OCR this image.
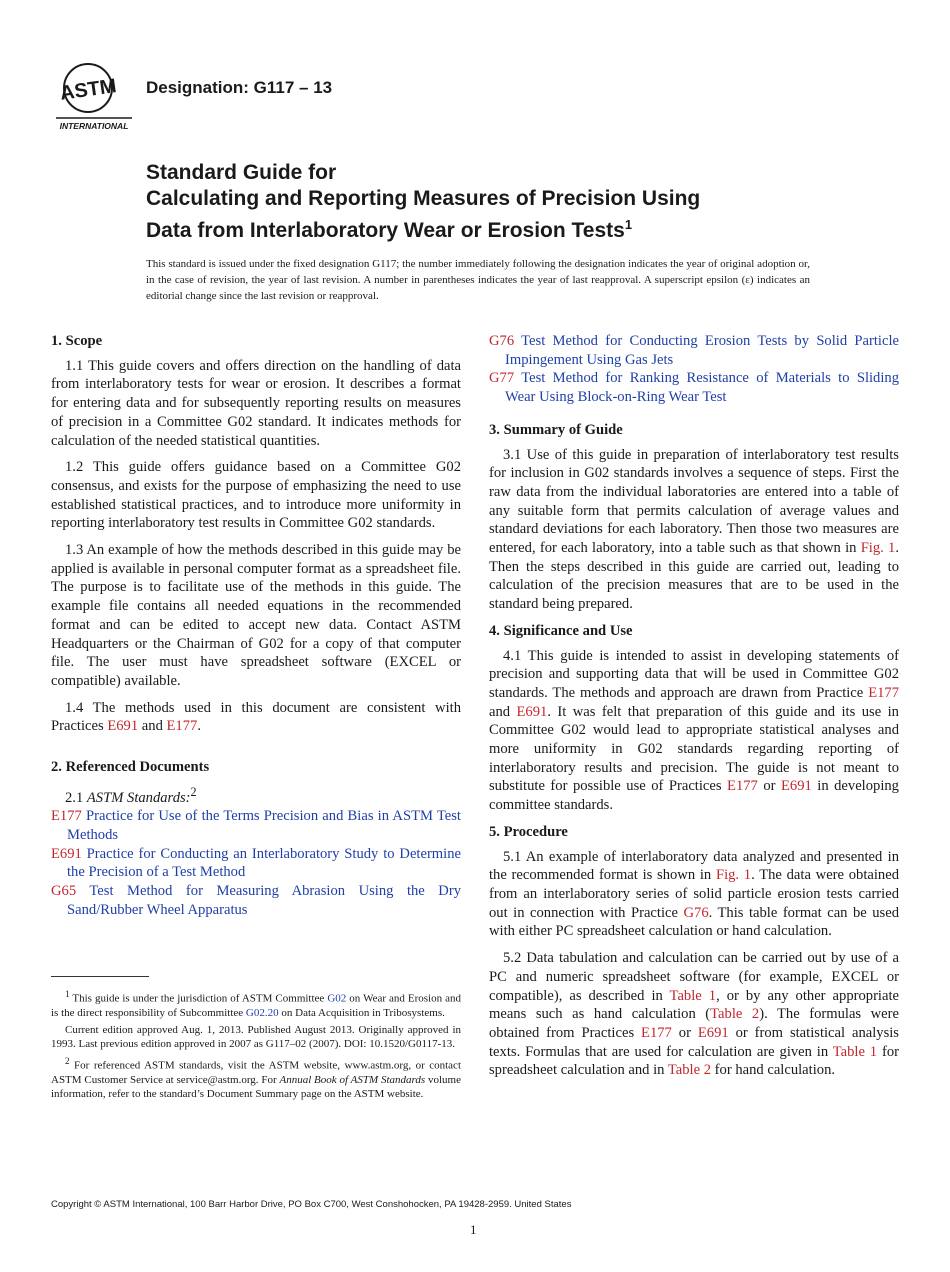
ASTM
INTERNATIONAL
Designation: G117 – 13
Standard Guide for
Calculating and Reporting Measures of Precision Using
Data from Interlaboratory Wear or Erosion Tests$^1$
This standard is issued under the fixed designation G117; the number immediately following the designation indicates the year of original adoption or, in the case of revision, the year of last revision. A number in parentheses indicates the year of last reapproval. A superscript epsilon (ε) indicates an editorial change since the last revision or reapproval.
1. Scope

1.1 This guide covers and offers direction on the handling of data from interlaboratory tests for wear or erosion. It describes a format for entering data and for subsequently reporting results on measures of precision in a Committee G02 standard. It indicates methods for calculation of the needed statistical quantities.

1.2 This guide offers guidance based on a Committee G02 consensus, and exists for the purpose of emphasizing the need to use established statistical practices, and to introduce more uniformity in reporting interlaboratory test results in Committee G02 standards.

1.3 An example of how the methods described in this guide may be applied is available in personal computer format as a spreadsheet file. The purpose is to facilitate use of the methods in this guide. The example file contains all needed equations in the recommended format and can be edited to accept new data. Contact ASTM Headquarters or the Chairman of G02 for a copy of that computer file. The user must have spreadsheet software (EXCEL or compatible) available.

1.4 The methods used in this document are consistent with Practices E691 and E177.

2. Referenced Documents

2.1 ASTM Standards:$^2$

E177 Practice for Use of the Terms Precision and Bias in ASTM Test Methods

E691 Practice for Conducting an Interlaboratory Study to Determine the Precision of a Test Method

G65 Test Method for Measuring Abrasion Using the Dry Sand/Rubber Wheel Apparatus

$^1$ This guide is under the jurisdiction of ASTM Committee G02 on Wear and Erosion and is the direct responsibility of Subcommittee G02.20 on Data Acquisition in Tribosystems.

Current edition approved Aug. 1, 2013. Published August 2013. Originally approved in 1993. Last previous edition approved in 2007 as G117–02 (2007). DOI: 10.1520/G0117-13.

$^2$ For referenced ASTM standards, visit the ASTM website, www.astm.org, or contact ASTM Customer Service at service@astm.org. For Annual Book of ASTM Standards volume information, refer to the standard’s Document Summary page on the ASTM website.

G76 Test Method for Conducting Erosion Tests by Solid Particle Impingement Using Gas Jets

G77 Test Method for Ranking Resistance of Materials to Sliding Wear Using Block-on-Ring Wear Test

3. Summary of Guide

3.1 Use of this guide in preparation of interlaboratory test results for inclusion in G02 standards involves a sequence of steps. First the raw data from the individual laboratories are entered into a table of any suitable form that permits calculation of average values and standard deviations for each laboratory. Then those two measures are entered, for each laboratory, into a table such as that shown in Fig. 1. Then the steps described in this guide are carried out, leading to calculation of the precision measures that are to be used in the standard being prepared.

4. Significance and Use

4.1 This guide is intended to assist in developing statements of precision and supporting data that will be used in Committee G02 standards. The methods and approach are drawn from Practice E177 and E691. It was felt that preparation of this guide and its use in Committee G02 would lead to appropriate statistical analyses and more uniformity in G02 standards regarding reporting of interlaboratory results and precision. The guide is not meant to substitute for possible use of Practices E177 or E691 in developing committee standards.

5. Procedure

5.1 An example of interlaboratory data analyzed and presented in the recommended format is shown in Fig. 1. The data were obtained from an interlaboratory series of solid particle erosion tests carried out in connection with Practice G76. This table format can be used with either PC spreadsheet calculation or hand calculation.

5.2 Data tabulation and calculation can be carried out by use of a PC and numeric spreadsheet software (for example, EXCEL or compatible), as described in Table 1, or by any other appropriate means such as hand calculation (Table 2). The formulas were obtained from Practices E177 or E691 or from statistical analysis texts. Formulas that are used for calculation are given in Table 1 for spreadsheet calculation and in Table 2 for hand calculation.

Copyright © ASTM International, 100 Barr Harbor Drive, PO Box C700, West Conshohocken, PA 19428-2959. United States
1
